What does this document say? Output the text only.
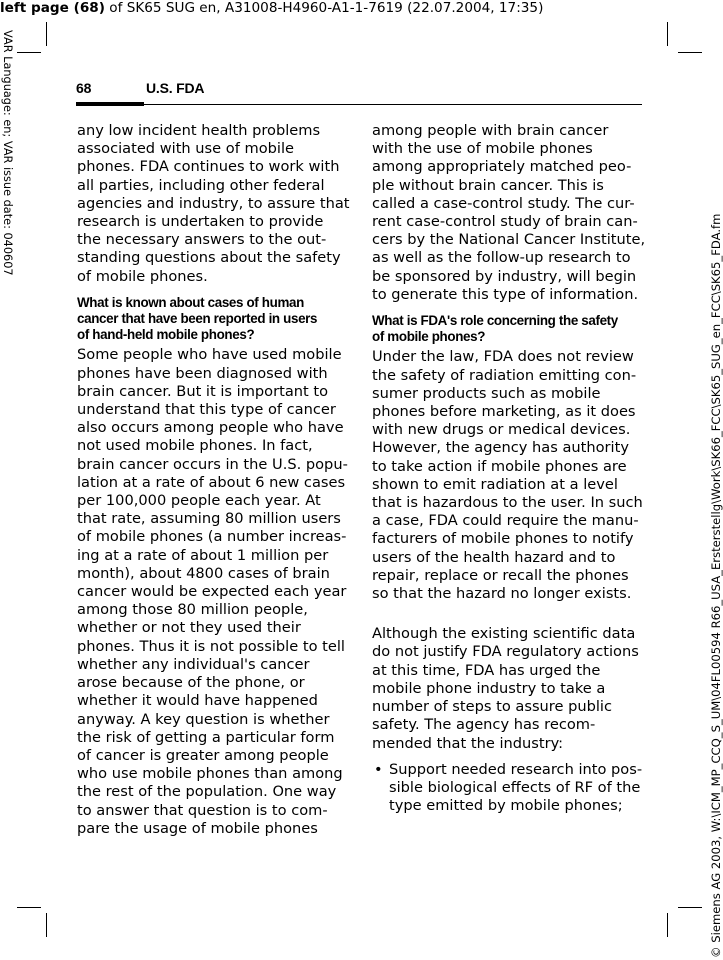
left page (68) of SK65 SUG en, A31008-H4960-A1-1-7619 (22.07.2004, 17:35)
VAR Language: en; VAR issue date: 040607
© Siemens AG 2003, W:\ICM_MP_CCQ_S_UM\04FL00594 R66_USA_Ersterstellg\Work\SK66_FCC\SK65_SUG_en_FCC\SK65_FDA.fm
68	U.S. FDA
any low incident health problems
associated with use of mobile
phones. FDA continues to work with
all parties, including other federal
agencies and industry, to assure that
research is undertaken to provide
the necessary answers to the out-
standing questions about the safety
of mobile phones.
What is known about cases of human
cancer that have been reported in users
of hand-held mobile phones?
Some people who have used mobile
phones have been diagnosed with
brain cancer. But it is important to
understand that this type of cancer
also occurs among people who have
not used mobile phones. In fact,
brain cancer occurs in the U.S. popu-
lation at a rate of about 6 new cases
per 100,000 people each year. At
that rate, assuming 80 million users
of mobile phones (a number increas-
ing at a rate of about 1 million per
month), about 4800 cases of brain
cancer would be expected each year
among those 80 million people,
whether or not they used their
phones. Thus it is not possible to tell
whether any individual's cancer
arose because of the phone, or
whether it would have happened
anyway. A key question is whether
the risk of getting a particular form
of cancer is greater among people
who use mobile phones than among
the rest of the population. One way
to answer that question is to com-
pare the usage of mobile phones
among people with brain cancer
with the use of mobile phones
among appropriately matched peo-
ple without brain cancer. This is
called a case-control study. The cur-
rent case-control study of brain can-
cers by the National Cancer Institute,
as well as the follow-up research to
be sponsored by industry, will begin
to generate this type of information.
What is FDA's role concerning the safety
of mobile phones?
Under the law, FDA does not review
the safety of radiation emitting con-
sumer products such as mobile
phones before marketing, as it does
with new drugs or medical devices.
However, the agency has authority
to take action if mobile phones are
shown to emit radiation at a level
that is hazardous to the user. In such
a case, FDA could require the manu-
facturers of mobile phones to notify
users of the health hazard and to
repair, replace or recall the phones
so that the hazard no longer exists.
Although the existing scientific data
do not justify FDA regulatory actions
at this time, FDA has urged the
mobile phone industry to take a
number of steps to assure public
safety. The agency has recom-
mended that the industry:
• Support needed research into pos-
sible biological effects of RF of the
type emitted by mobile phones;
